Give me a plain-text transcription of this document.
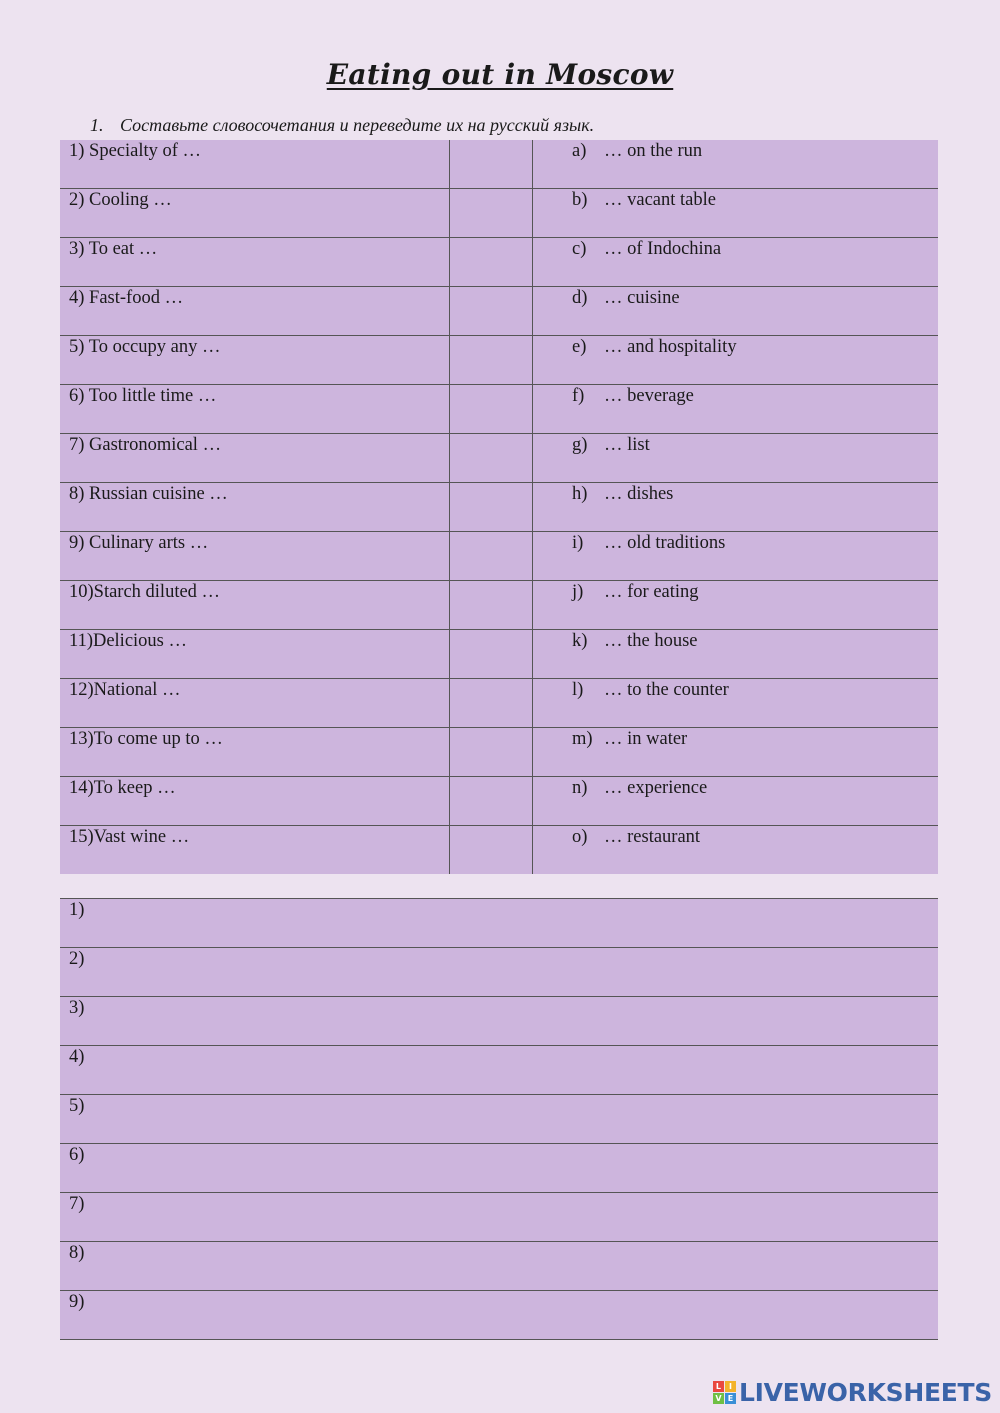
Eating out in Moscow
1. Составьте словосочетания и переведите их на русский язык.
1) Specialty of …		a) … on the run
2) Cooling …		b) … vacant table
3) To eat …		c) … of Indochina
4) Fast-food …		d) … cuisine
5) To occupy any …		e) … and hospitality
6) Too little time …		f) … beverage
7) Gastronomical …		g) … list
8) Russian cuisine …		h) … dishes
9) Culinary arts …		i) … old traditions
10)Starch diluted …		j) … for eating
11)Delicious …		k) … the house
12)National …		l) … to the counter
13)To come up to …		m) … in water
14)To keep …		n) … experience
15)Vast wine …		o) … restaurant
1)
2)
3)
4)
5)
6)
7)
8)
9)
L I
V E LIVEWORKSHEETS
